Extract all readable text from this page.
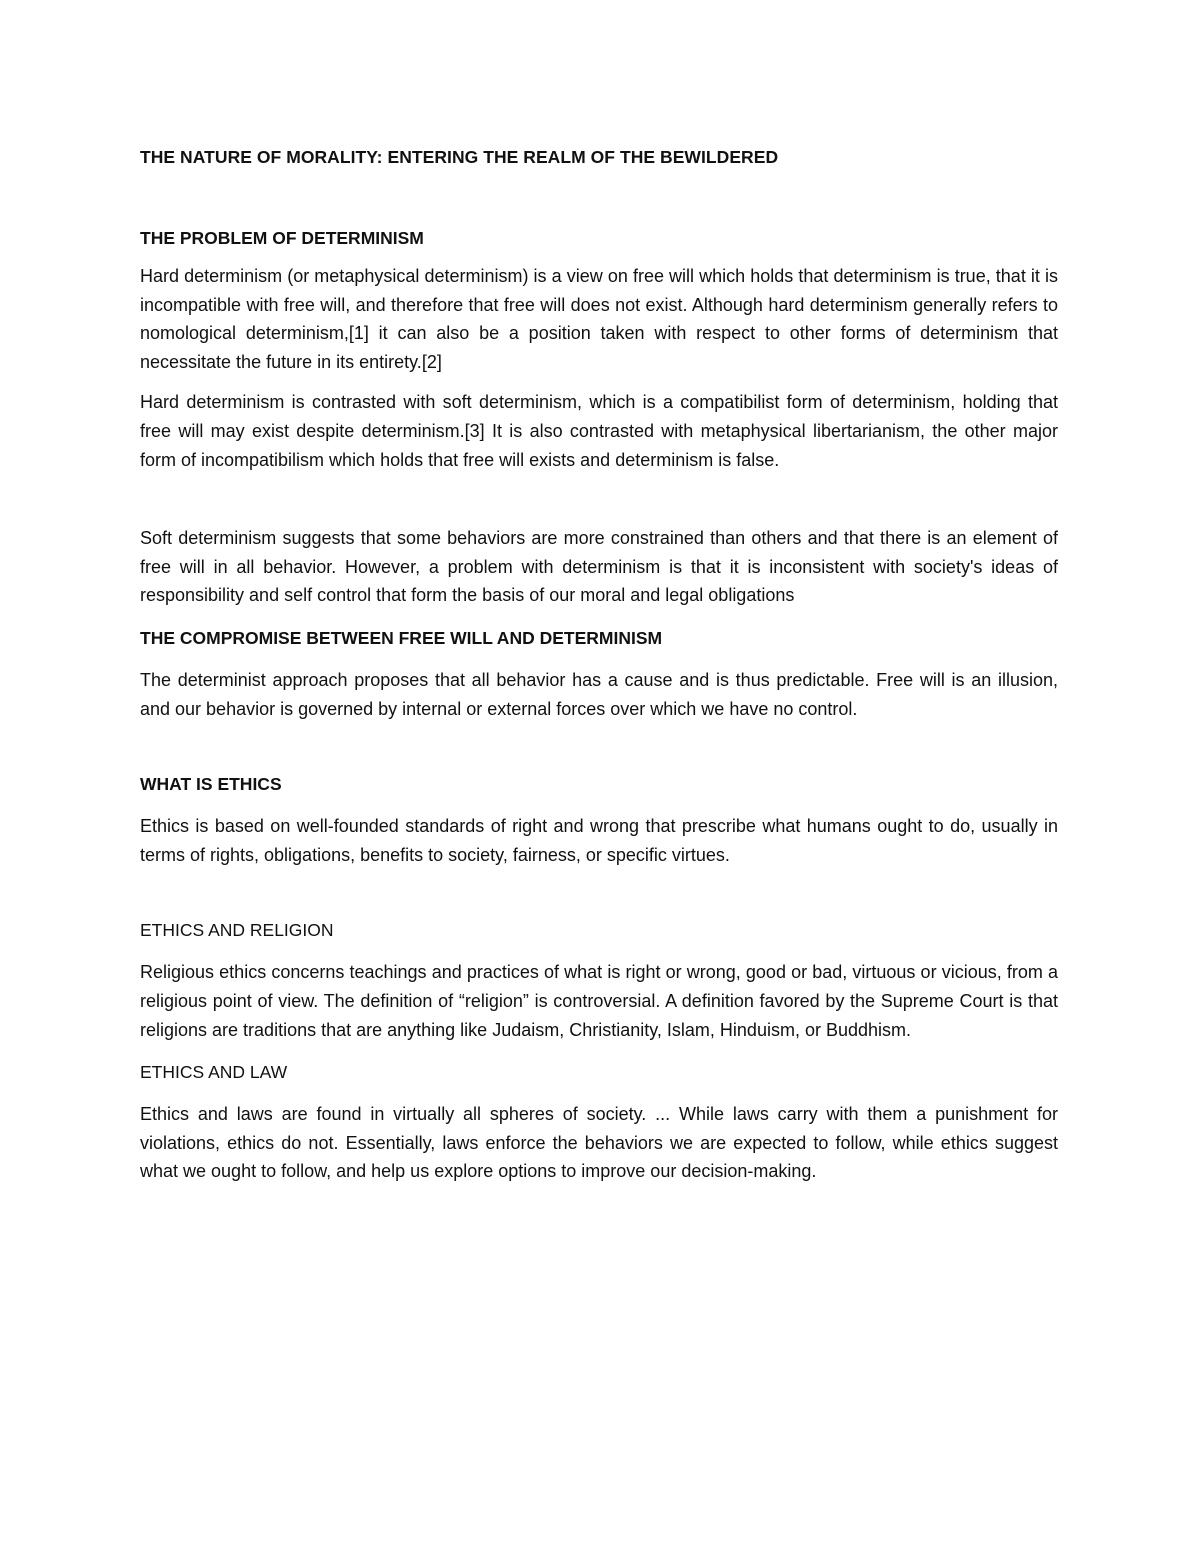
THE NATURE OF MORALITY: ENTERING THE REALM OF THE BEWILDERED

THE PROBLEM OF DETERMINISM

Hard determinism (or metaphysical determinism) is a view on free will which holds that determinism is true, that it is incompatible with free will, and therefore that free will does not exist. Although hard determinism generally refers to nomological determinism,[1] it can also be a position taken with respect to other forms of determinism that necessitate the future in its entirety.[2]

Hard determinism is contrasted with soft determinism, which is a compatibilist form of determinism, holding that free will may exist despite determinism.[3] It is also contrasted with metaphysical libertarianism, the other major form of incompatibilism which holds that free will exists and determinism is false.

Soft determinism suggests that some behaviors are more constrained than others and that there is an element of free will in all behavior. However, a problem with determinism is that it is inconsistent with society's ideas of responsibility and self control that form the basis of our moral and legal obligations

THE COMPROMISE BETWEEN FREE WILL AND DETERMINISM

The determinist approach proposes that all behavior has a cause and is thus predictable. Free will is an illusion, and our behavior is governed by internal or external forces over which we have no control.

WHAT IS ETHICS

Ethics is based on well-founded standards of right and wrong that prescribe what humans ought to do, usually in terms of rights, obligations, benefits to society, fairness, or specific virtues.

ETHICS AND RELIGION

Religious ethics concerns teachings and practices of what is right or wrong, good or bad, virtuous or vicious, from a religious point of view. The definition of “religion” is controversial. A definition favored by the Supreme Court is that religions are traditions that are anything like Judaism, Christianity, Islam, Hinduism, or Buddhism.

ETHICS AND LAW

Ethics and laws are found in virtually all spheres of society. ... While laws carry with them a punishment for violations, ethics do not. Essentially, laws enforce the behaviors we are expected to follow, while ethics suggest what we ought to follow, and help us explore options to improve our decision-making.
